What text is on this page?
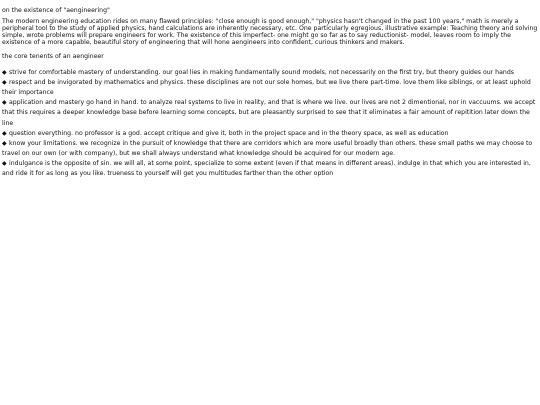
on the existence of "aengineering"

The modern engineering education rides on many flawed principles: "close enough is good enough," "physics hasn't changed in the past 100 years," math is merely a peripheral tool to the study of applied physics, hand calculations are inherently necessary, etc. One particularly egregious, illustrative example: Teaching theory and solving simple, wrote problems will prepare engineers for work. The existence of this imperfect- one might go so far as to say reductionist- model, leaves room to imply the existence of a more capable, beautiful story of engineering that will hone aengineers into confident, curious thinkers and makers.

the core tenents of an aengineer

◆ strive for comfortable mastery of understanding. our goal lies in making fundamentally sound models, not necessarily on the first try, but theory guides our hands
◆ respect and be invigorated by mathematics and physics. these disciplines are not our sole homes, but we live there part-time. love them like siblings, or at least uphold their importance
◆ application and mastery go hand in hand. to analyze real systems to live in reality, and that is where we live. our lives are not 2 dimentional, nor in vaccuums. we accept that this requires a deeper knowledge base before learning some concepts, but are pleasantly surprised to see that it eliminates a fair amount of repitition later down the line
◆ question everything. no professor is a god. accept critique and give it, both in the project space and in the theory space, as well as education
◆ know your limitations. we recognize in the pursuit of knowledge that there are corridors which are more useful broadly than others. these small paths we may choose to travel on our own (or with company), but we shall always understand what knowledge should be acquired for our modern age.
◆ indulgance is the opposite of sin. we will all, at some point, specialize to some extent (even if that means in different areas). indulge in that which you are interested in, and ride it for as long as you like. trueness to yourself will get you multitudes farther than the other option
